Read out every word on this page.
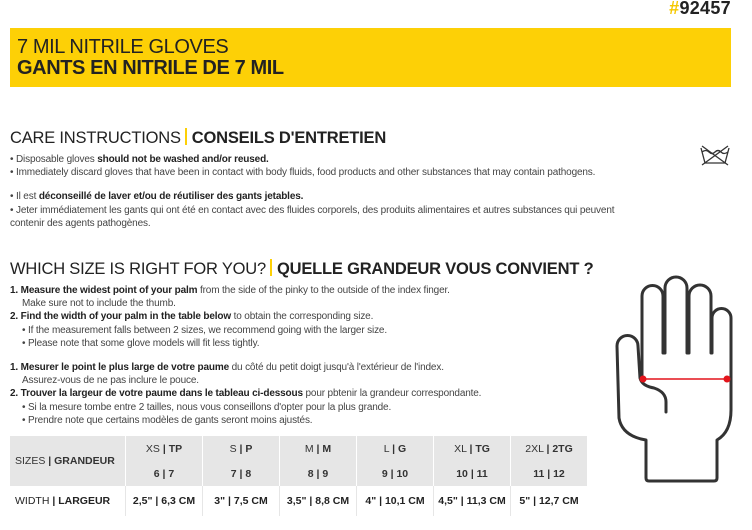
#92457
7 MIL NITRILE GLOVES
GANTS EN NITRILE DE 7 MIL
CARE INSTRUCTIONS CONSEILS D'ENTRETIEN
• Disposable gloves should not be washed and/or reused.
• Immediately discard gloves that have been in contact with body fluids, food products and other substances that may contain pathogens.
• Il est déconseillé de laver et/ou de réutiliser des gants jetables.
• Jeter immédiatement les gants qui ont été en contact avec des fluides corporels, des produits alimentaires et autres substances qui peuvent
contenir des agents pathogènes.
WHICH SIZE IS RIGHT FOR YOU? QUELLE GRANDEUR VOUS CONVIENT ?
1. Measure the widest point of your palm from the side of the pinky to the outside of the index finger.
Make sure not to include the thumb.
2. Find the width of your palm in the table below to obtain the corresponding size.
• If the measurement falls between 2 sizes, we recommend going with the larger size.
• Please note that some glove models will fit less tightly.
1. Mesurer le point le plus large de votre paume du côté du petit doigt jusqu'à l'extérieur de l'index.
Assurez-vous de ne pas inclure le pouce.
2. Trouver la largeur de votre paume dans le tableau ci-dessous pour pbtenir la grandeur correspondante.
• Si la mesure tombe entre 2 tailles, nous vous conseillons d'opter pour la plus grande.
• Prendre note que certains modèles de gants seront moins ajustés.
SIZES | GRANDEUR	XS | TP	S | P	M | M	L | G	XL | TG	2XL | 2TG
	6 | 7	7 | 8	8 | 9	9 | 10	10 | 11	11 | 12
WIDTH | LARGEUR	2,5" | 6,3 CM	3" | 7,5 CM	3,5" | 8,8 CM	4" | 10,1 CM	4,5" | 11,3 CM	5" | 12,7 CM
